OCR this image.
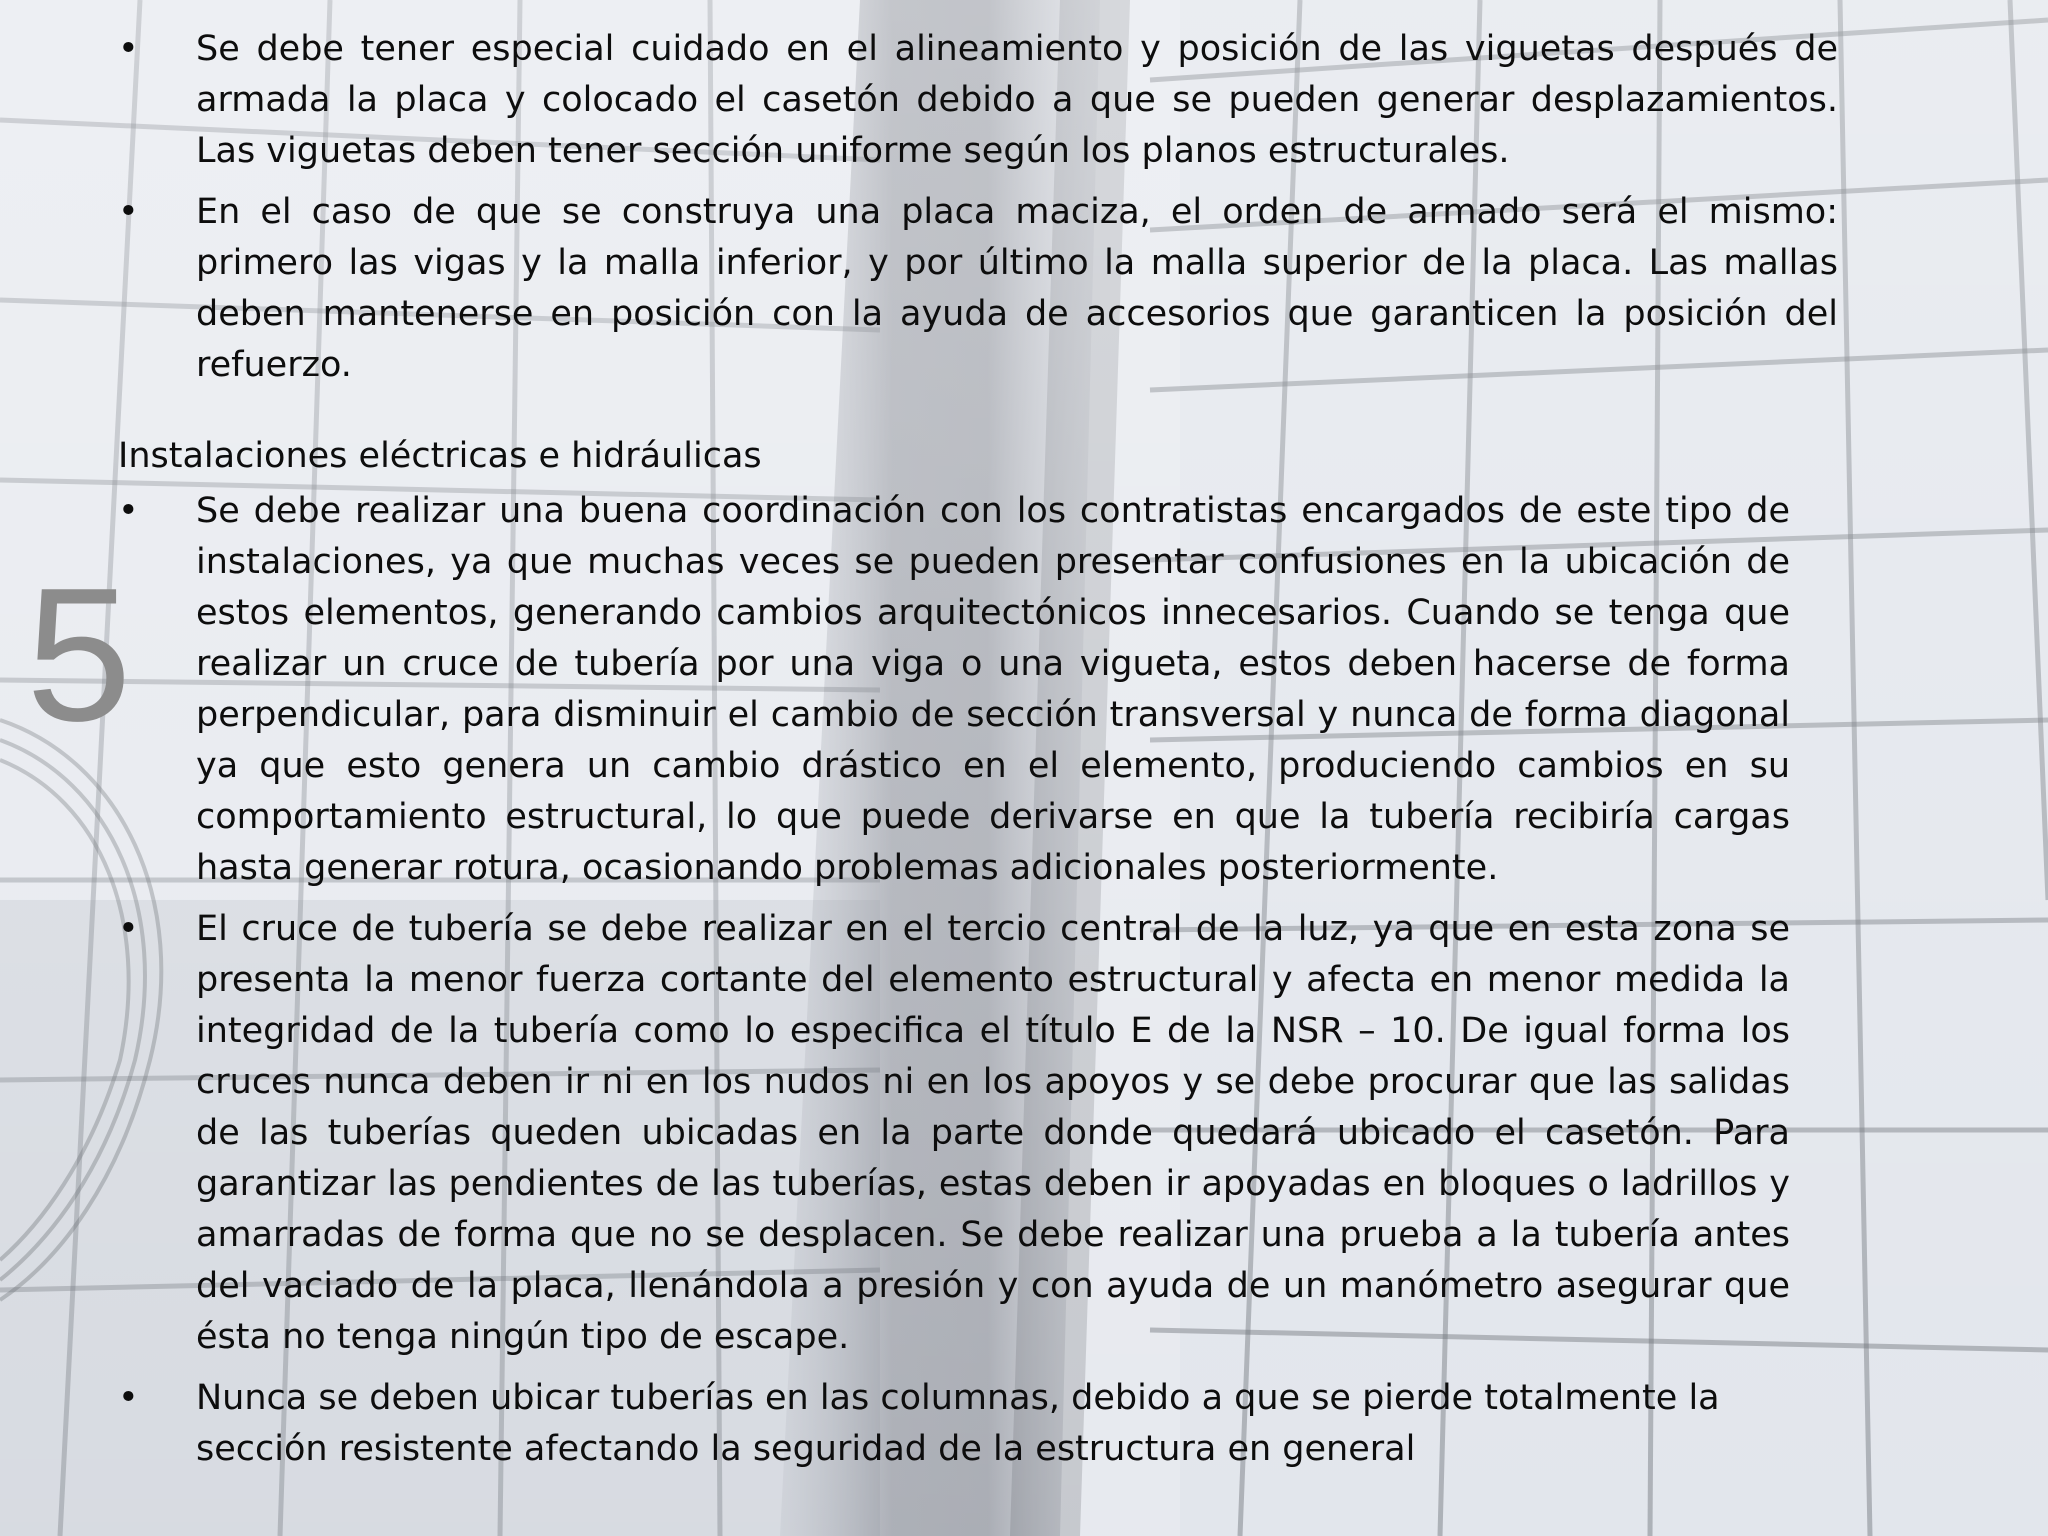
5
•	Se debe tener especial cuidado en el alineamiento y posición de las viguetas después de armada la placa y colocado el casetón debido a que se pueden generar desplazamientos. Las viguetas deben tener sección uniforme según los planos estructurales.
•	En el caso de que se construya una placa maciza, el orden de armado será el mismo: primero las vigas y la malla inferior, y por último la malla superior de la placa. Las mallas deben mantenerse en posición con la ayuda de accesorios que garanticen la posición del refuerzo.
Instalaciones eléctricas e hidráulicas
•	Se debe realizar una buena coordinación con los contratistas encargados de este tipo de instalaciones, ya que muchas veces se pueden presentar confusiones en la ubicación de estos elementos, generando cambios arquitectónicos innecesarios. Cuando se tenga que realizar un cruce de tubería por una viga o una vigueta, estos deben hacerse de forma perpendicular, para disminuir el cambio de sección transversal y nunca de forma diagonal ya que esto genera un cambio drástico en el elemento, produciendo cambios en su comportamiento estructural, lo que puede derivarse en que la tubería recibiría cargas hasta generar rotura, ocasionando problemas adicionales posteriormente.
•	El cruce de tubería se debe realizar en el tercio central de la luz, ya que en esta zona se presenta la menor fuerza cortante del elemento estructural y afecta en menor medida la integridad de la tubería como lo especifica el título E de la NSR – 10. De igual forma los cruces nunca deben ir ni en los nudos ni en los apoyos y se debe procurar que las salidas de las tuberías queden ubicadas en la parte donde quedará ubicado el casetón. Para garantizar las pendientes de las tuberías, estas deben ir apoyadas en bloques o ladrillos y amarradas de forma que no se desplacen. Se debe realizar una prueba a la tubería antes del vaciado de la placa, llenándola a presión y con ayuda de un manómetro asegurar que ésta no tenga ningún tipo de escape.
•	Nunca se deben ubicar tuberías en las columnas, debido a que se pierde totalmente la sección resistente afectando la seguridad de la estructura en general
